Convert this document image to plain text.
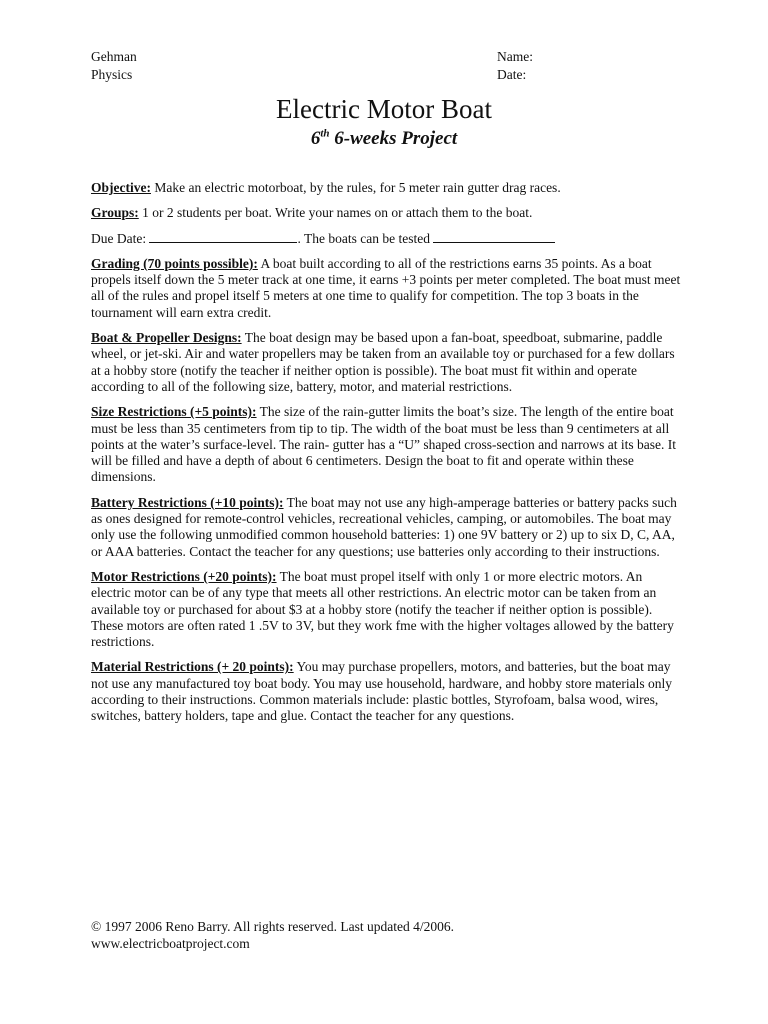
Gehman
Physics
Name:
Date:
Electric Motor Boat
6th 6-weeks Project

Objective: Make an electric motorboat, by the rules, for 5 meter rain gutter drag races.

Groups: 1 or 2 students per boat. Write your names on or attach them to the boat.

Due Date:	. The boats can be tested

Grading (70 points possible): A boat built according to all of the restrictions earns 35 points. As a boat propels itself down the 5 meter track at one time, it earns +3 points per meter completed. The boat must meet all of the rules and propel itself 5 meters at one time to qualify for competition. The top 3 boats in the tournament will earn extra credit.

Boat & Propeller Designs: The boat design may be based upon a fan-boat, speedboat, submarine, paddle wheel, or jet-ski. Air and water propellers may be taken from an available toy or purchased for a few dollars at a hobby store (notify the teacher if neither option is possible). The boat must fit within and operate according to all of the following size, battery, motor, and material restrictions.

Size Restrictions (+5 points): The size of the rain-gutter limits the boat’s size. The length of the entire boat must be less than 35 centimeters from tip to tip. The width of the boat must be less than 9 centimeters at all points at the water’s surface-level. The rain- gutter has a “U” shaped cross-section and narrows at its base. It will be filled and have a depth of about 6 centimeters. Design the boat to fit and operate within these dimensions.

Battery Restrictions (+10 points): The boat may not use any high-amperage batteries or battery packs such as ones designed for remote-control vehicles, recreational vehicles, camping, or automobiles. The boat may only use the following unmodified common household batteries: 1) one 9V battery or 2) up to six D, C, AA, or AAA batteries. Contact the teacher for any questions; use batteries only according to their instructions.

Motor Restrictions (+20 points): The boat must propel itself with only 1 or more electric motors. An electric motor can be of any type that meets all other restrictions. An electric motor can be taken from an available toy or purchased for about $3 at a hobby store (notify the teacher if neither option is possible). These motors are often rated 1 .5V to 3V, but they work fme with the higher voltages allowed by the battery restrictions.

Material Restrictions (+ 20 points): You may purchase propellers, motors, and batteries, but the boat may not use any manufactured toy boat body. You may use household, hardware, and hobby store materials only according to their instructions. Common materials include: plastic bottles, Styrofoam, balsa wood, wires, switches, battery holders, tape and glue. Contact the teacher for any questions.

© 1997 2006 Reno Barry. All rights reserved. Last updated 4/2006.
www.electricboatproject.com
